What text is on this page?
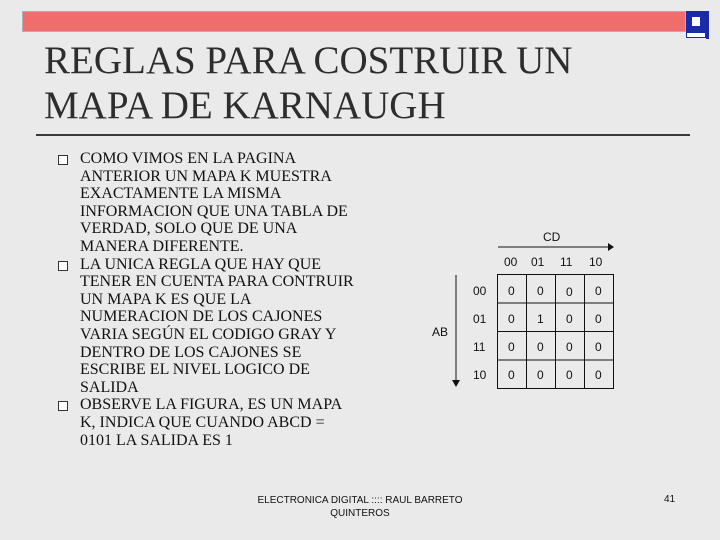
REGLAS PARA COSTRUIR UN
MAPA DE KARNAUGH
COMO VIMOS EN LA PAGINA ANTERIOR UN MAPA K MUESTRA EXACTAMENTE LA MISMA INFORMACION QUE UNA TABLA DE VERDAD, SOLO QUE DE UNA MANERA DIFERENTE.
LA UNICA REGLA QUE HAY QUE TENER EN CUENTA PARA CONTRUIR UN MAPA K ES QUE LA NUMERACION DE LOS CAJONES VARIA SEGÚN EL CODIGO GRAY Y DENTRO DE LOS CAJONES SE ESCRIBE EL NIVEL LOGICO DE SALIDA
OBSERVE LA FIGURA, ES UN MAPA K, INDICA QUE CUANDO ABCD = 0101 LA SALIDA ES 1
CD
AB
00 01 11 10
00
01
11
10
0 0 0 0
0 1 0 0
0 0 0 0
0 0 0 0
ELECTRONICA DIGITAL :::: RAUL BARRETO
QUINTEROS
41
